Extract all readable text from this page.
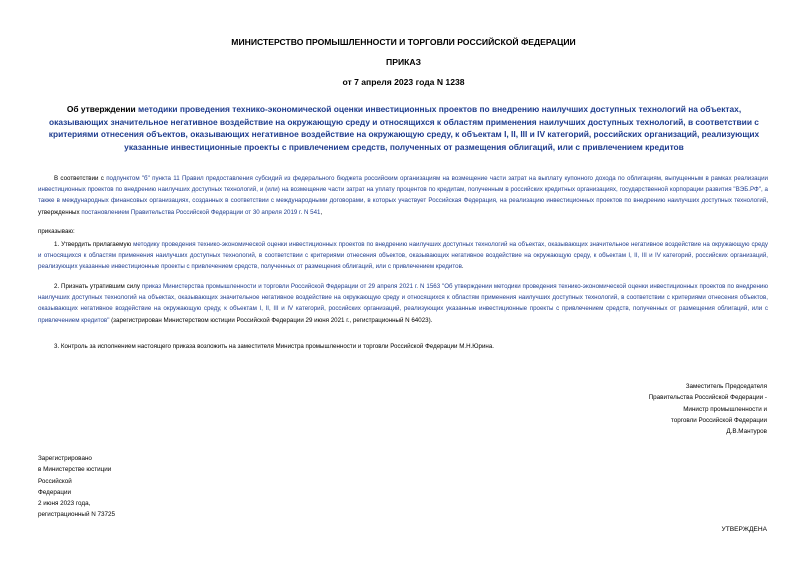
МИНИСТЕРСТВО ПРОМЫШЛЕННОСТИ И ТОРГОВЛИ РОССИЙСКОЙ ФЕДЕРАЦИИ
ПРИКАЗ
от 7 апреля 2023 года N 1238
Об утверждении методики проведения технико-экономической оценки инвестиционных проектов по внедрению наилучших доступных технологий на объектах, оказывающих значительное негативное воздействие на окружающую среду и относящихся к областям применения наилучших доступных технологий, в соответствии с критериями отнесения объектов, оказывающих негативное воздействие на окружающую среду, к объектам I, II, III и IV категорий, российских организаций, реализующих указанные инвестиционные проекты с привлечением средств, полученных от размещения облигаций, или с привлечением кредитов
В соответствии с подпунктом "б" пункта 11 Правил предоставления субсидий из федерального бюджета российским организациям на возмещение части затрат на выплату купонного дохода по облигациям, выпущенным в рамках реализации инвестиционных проектов по внедрению наилучших доступных технологий, и (или) на возмещение части затрат на уплату процентов по кредитам, полученным в российских кредитных организациях, государственной корпорации развития "ВЭБ.РФ", а также в международных финансовых организациях, созданных в соответствии с международными договорами, в которых участвует Российская Федерация, на реализацию инвестиционных проектов по внедрению наилучших доступных технологий, утвержденных постановлением Правительства Российской Федерации от 30 апреля 2019 г. N 541,
приказываю:
1. Утвердить прилагаемую методику проведения технико-экономической оценки инвестиционных проектов по внедрению наилучших доступных технологий на объектах, оказывающих значительное негативное воздействие на окружающую среду и относящихся к областям применения наилучших доступных технологий, в соответствии с критериями отнесения объектов, оказывающих негативное воздействие на окружающую среду, к объектам I, II, III и IV категорий, российских организаций, реализующих указанные инвестиционные проекты с привлечением средств, полученных от размещения облигаций, или с привлечением кредитов.
2. Признать утратившим силу приказ Министерства промышленности и торговли Российской Федерации от 29 апреля 2021 г. N 1563 "Об утверждении методики проведения технико-экономической оценки инвестиционных проектов по внедрению наилучших доступных технологий на объектах, оказывающих значительное негативное воздействие на окружающую среду и относящихся к областям применения наилучших доступных технологий, в соответствии с критериями отнесения объектов, оказывающих негативное воздействие на окружающую среду, к объектам I, II, III и IV категорий, российских организаций, реализующих указанные инвестиционные проекты с привлечением средств, полученных от размещения облигаций, или с привлечением кредитов" (зарегистрирован Министерством юстиции Российской Федерации 29 июня 2021 г., регистрационный N 64023).
3. Контроль за исполнением настоящего приказа возложить на заместителя Министра промышленности и торговли Российской Федерации М.Н.Юрина.
Заместитель Председателя
Правительства Российской Федерации -
Министр промышленности и
торговли Российской Федерации
Д.В.Мантуров
Зарегистрировано
в Министерстве юстиции
Российской
Федерации
2 июня 2023 года,
регистрационный N 73725
УТВЕРЖДЕНА
